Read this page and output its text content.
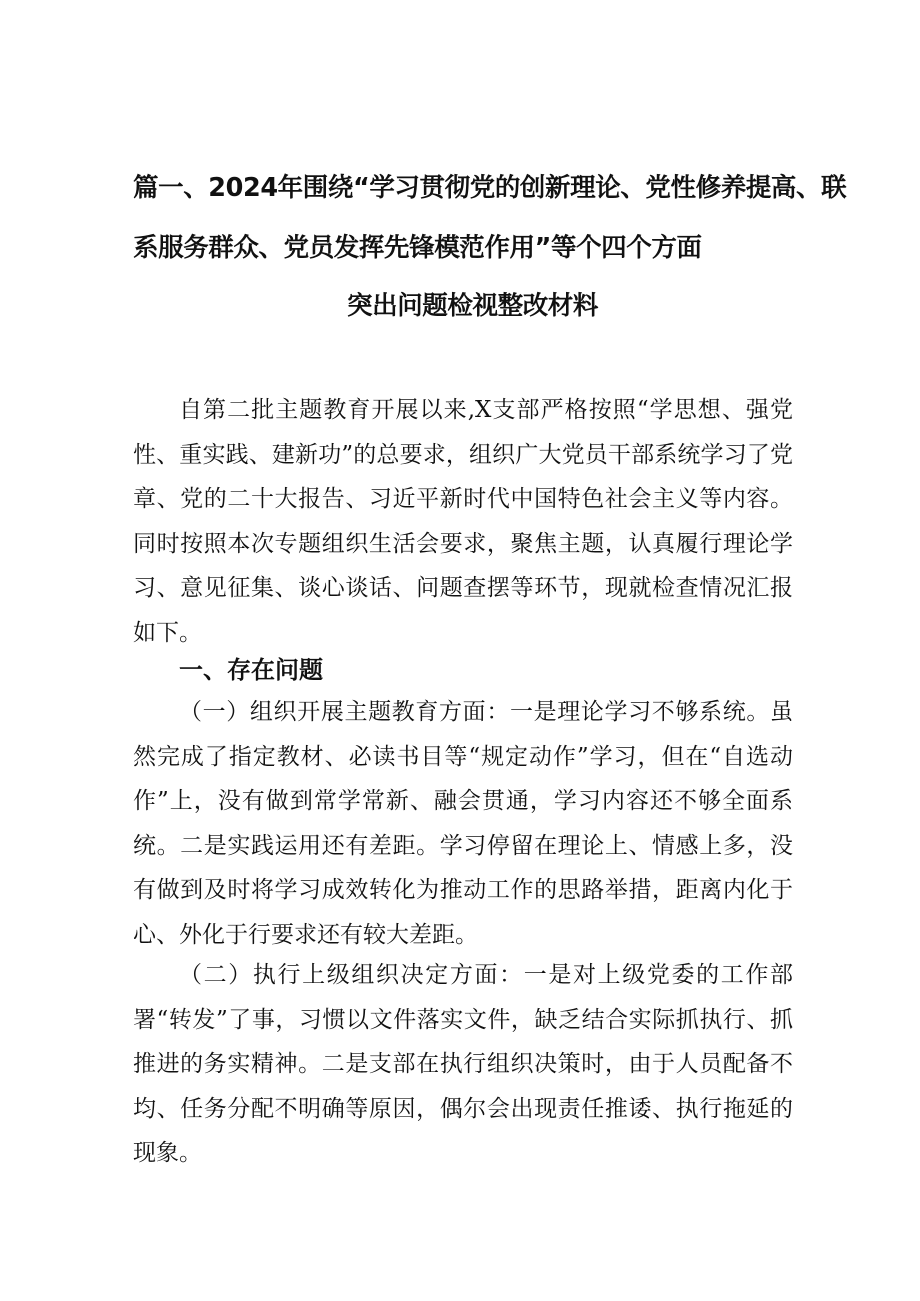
篇一、2024年围绕“学习贯彻党的创新理论、党性修养提高、联
系服务群众、党员发挥先锋模范作用”等个四个方面
突出问题检视整改材料

自第二批主题教育开展以来,X支部严格按照“学思想、强党性、重实践、建新功”的总要求，组织广大党员干部系统学习了党章、党的二十大报告、习近平新时代中国特色社会主义等内容。同时按照本次专题组织生活会要求，聚焦主题，认真履行理论学习、意见征集、谈心谈话、问题查摆等环节，现就检查情况汇报如下。

一、存在问题

（一）组织开展主题教育方面：一是理论学习不够系统。虽然完成了指定教材、必读书目等“规定动作”学习，但在“自选动作”上，没有做到常学常新、融会贯通，学习内容还不够全面系统。二是实践运用还有差距。学习停留在理论上、情感上多，没有做到及时将学习成效转化为推动工作的思路举措，距离内化于心、外化于行要求还有较大差距。

（二）执行上级组织决定方面：一是对上级党委的工作部署“转发”了事，习惯以文件落实文件，缺乏结合实际抓执行、抓推进的务实精神。二是支部在执行组织决策时，由于人员配备不均、任务分配不明确等原因，偶尔会出现责任推诿、执行拖延的现象。
